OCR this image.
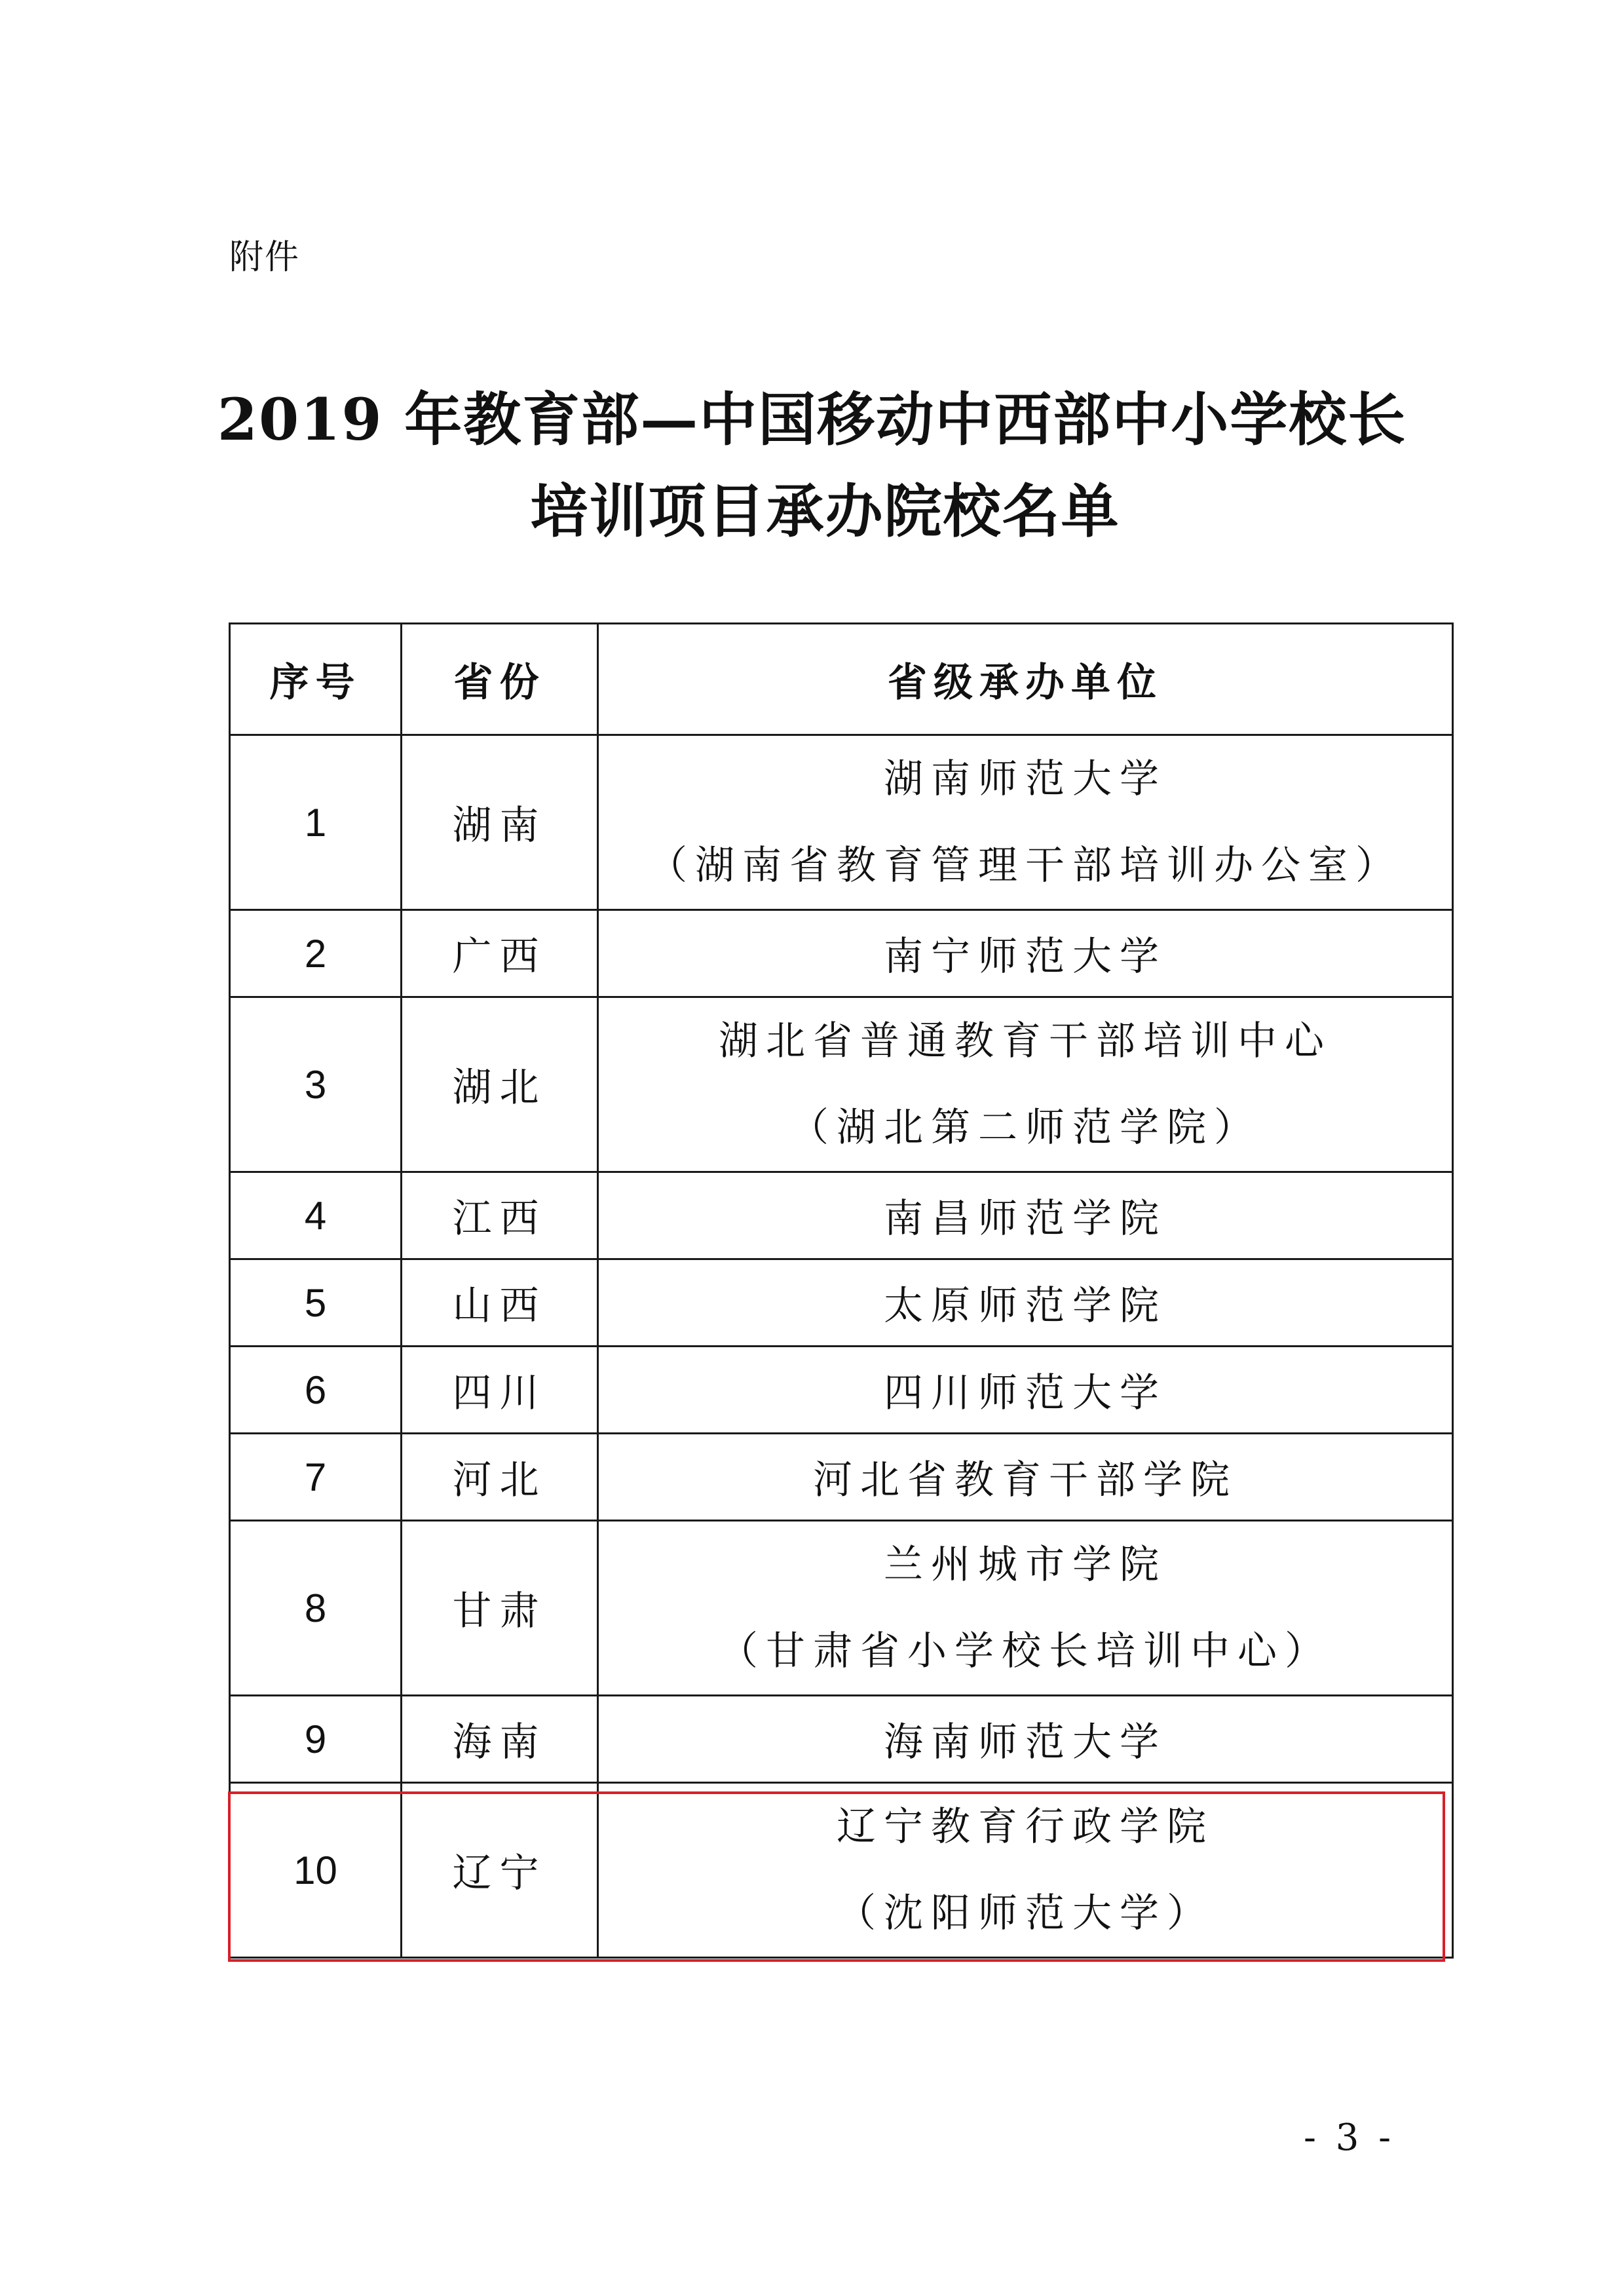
附件
2019 年教育部—中国移动中西部中小学校长
培训项目承办院校名单
序号	省份	省级承办单位
1	湖南	湖南师范大学
（湖南省教育管理干部培训办公室）

2	广西	南宁师范大学
3	湖北	湖北省普通教育干部培训中心
（湖北第二师范学院）

4	江西	南昌师范学院
5	山西	太原师范学院
6	四川	四川师范大学
7	河北	河北省教育干部学院
8	甘肃	兰州城市学院
（甘肃省小学校长培训中心）

9	海南	海南师范大学
10	辽宁	辽宁教育行政学院
（沈阳师范大学）
- 3 -
